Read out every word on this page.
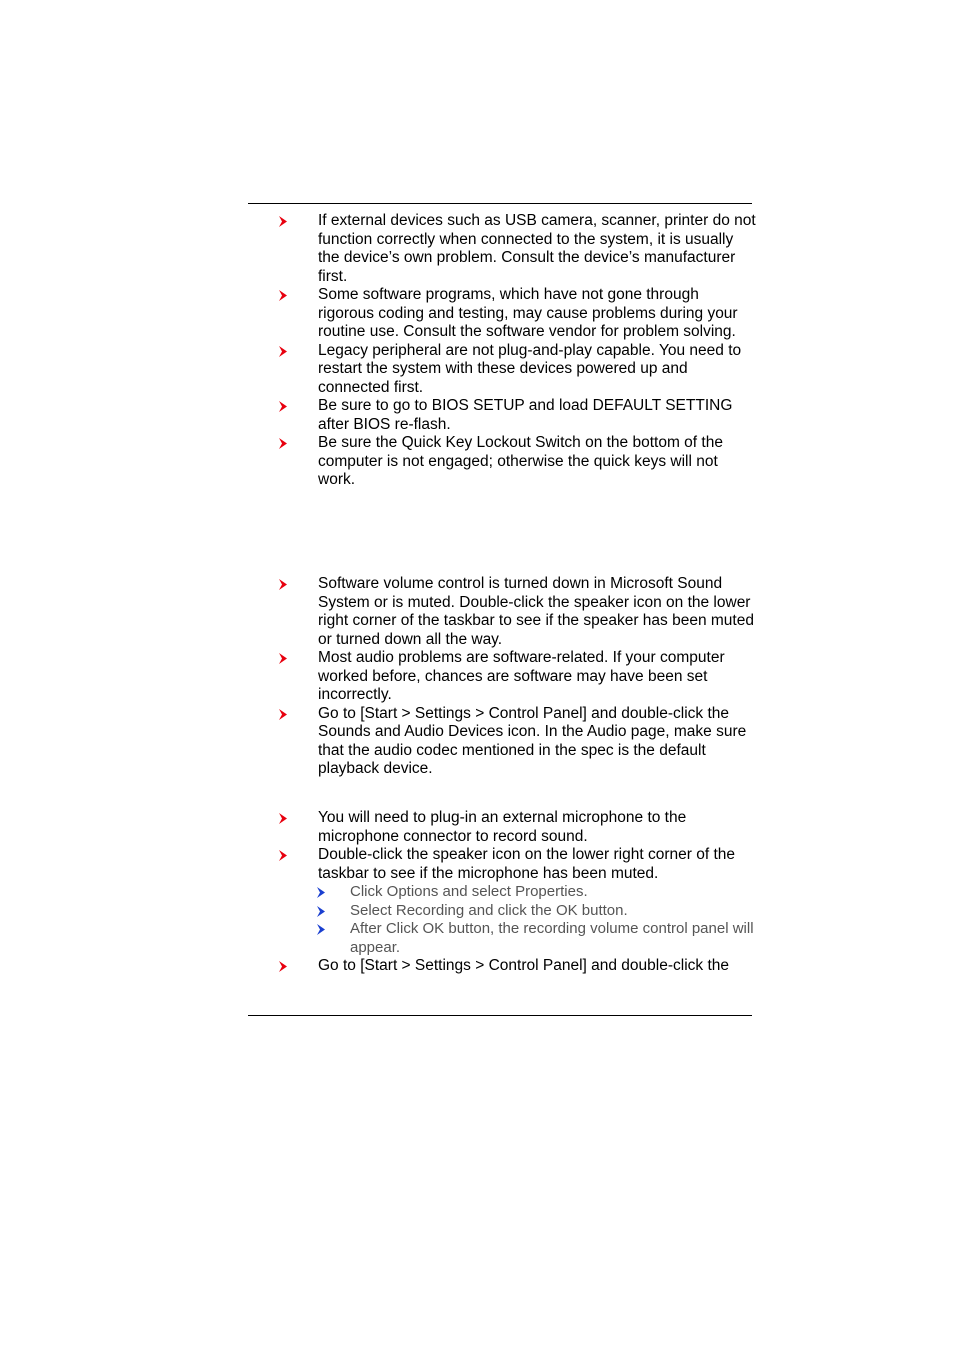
If external devices such as USB camera, scanner, printer do not function correctly when connected to the system, it is usually the device’s own problem. Consult the device’s manufacturer first.
Some software programs, which have not gone through rigorous coding and testing, may cause problems during your routine use. Consult the software vendor for problem solving.
Legacy peripheral are not plug-and-play capable. You need to restart the system with these devices powered up and connected first.
Be sure to go to BIOS SETUP and load DEFAULT SETTING after BIOS re-flash.
Be sure the Quick Key Lockout Switch on the bottom of the computer is not engaged; otherwise the quick keys will not work.
Software volume control is turned down in Microsoft Sound System or is muted. Double-click the speaker icon on the lower right corner of the taskbar to see if the speaker has been muted or turned down all the way.
Most audio problems are software-related. If your computer worked before, chances are software may have been set incorrectly.
Go to [Start > Settings > Control Panel] and double-click the Sounds and Audio Devices icon. In the Audio page, make sure that the audio codec mentioned in the spec is the default playback device.
You will need to plug-in an external microphone to the microphone connector to record sound.
Double-click the speaker icon on the lower right corner of the taskbar to see if the microphone has been muted.
Click Options and select Properties.
Select Recording and click the OK button.
After Click OK button, the recording volume control panel will appear.
Go to [Start > Settings > Control Panel] and double-click the
